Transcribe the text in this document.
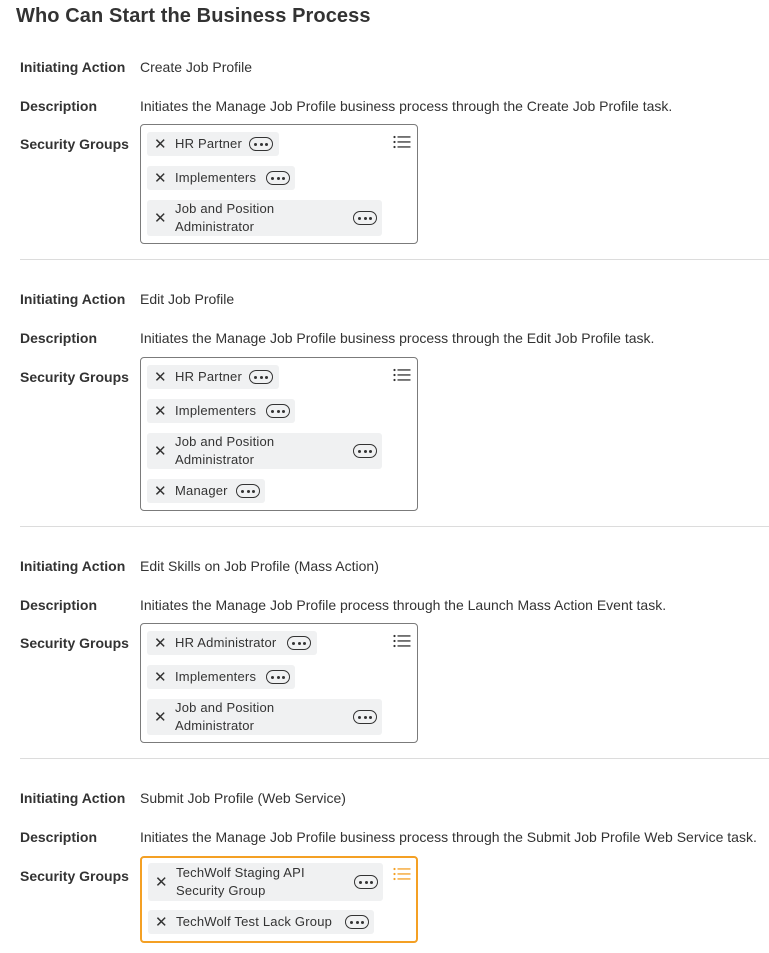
Who Can Start the Business Process
Initiating Action Create Job Profile
Description	Initiates the Manage Job Profile business process through the Create Job Profile task.
Security Groups ✕ HR Partner
✕ Implementers
✕
Job and Position
Administrator
Initiating Action Edit Job Profile
Description	Initiates the Manage Job Profile business process through the Edit Job Profile task.
Security Groups ✕ HR Partner
✕ Implementers
✕
Job and Position
Administrator
✕ Manager
Initiating Action Edit Skills on Job Profile (Mass Action)
Description	Initiates the Manage Job Profile process through the Launch Mass Action Event task.
Security Groups ✕ HR Administrator
✕ Implementers
✕
Job and Position
Administrator
Initiating Action Submit Job Profile (Web Service)
Description	Initiates the Manage Job Profile business process through the Submit Job Profile Web Service task.
Security Groups ✕
TechWolf Staging API
Security Group
✕ TechWolf Test Lack Group
